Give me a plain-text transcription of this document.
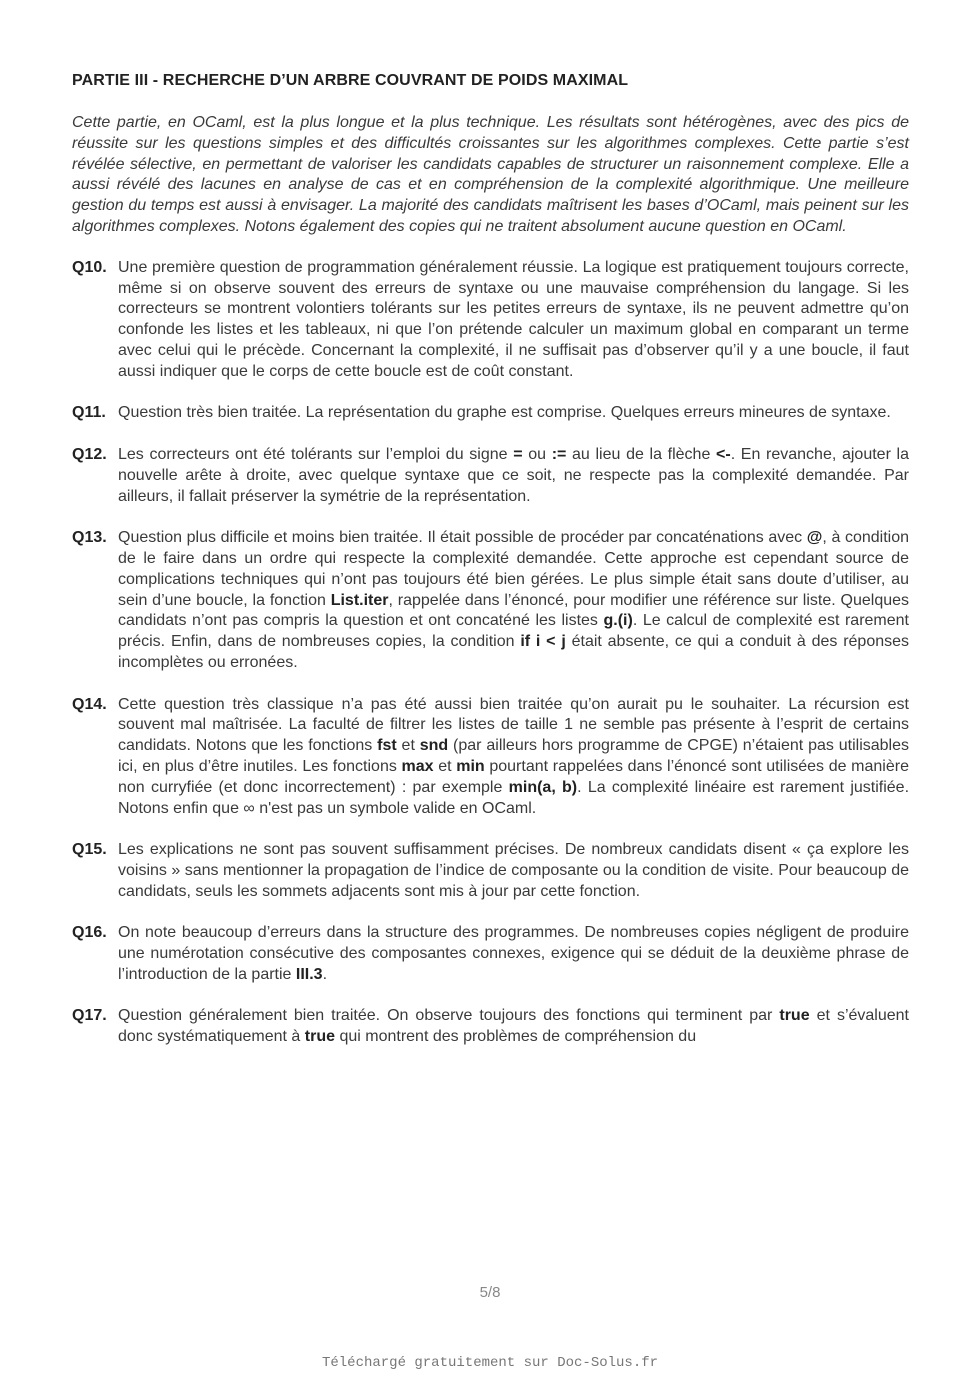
PARTIE III - RECHERCHE D’UN ARBRE COUVRANT DE POIDS MAXIMAL

Cette partie, en OCaml, est la plus longue et la plus technique. Les résultats sont hétérogènes, avec des pics de réussite sur les questions simples et des difficultés croissantes sur les algorithmes complexes. Cette partie s’est révélée sélective, en permettant de valoriser les candidats capables de structurer un raisonnement complexe. Elle a aussi révélé des lacunes en analyse de cas et en compréhension de la complexité algorithmique. Une meilleure gestion du temps est aussi à envisager. La majorité des candidats maîtrisent les bases d’OCaml, mais peinent sur les algorithmes complexes. Notons également des copies qui ne traitent absolument aucune question en OCaml.

Q10. Une première question de programmation généralement réussie. La logique est pratiquement toujours correcte, même si on observe souvent des erreurs de syntaxe ou une mauvaise compréhension du langage. Si les correcteurs se montrent volontiers tolérants sur les petites erreurs de syntaxe, ils ne peuvent admettre qu’on confonde les listes et les tableaux, ni que l’on prétende calculer un maximum global en comparant un terme avec celui qui le précède. Concernant la complexité, il ne suffisait pas d’observer qu’il y a une boucle, il faut aussi indiquer que le corps de cette boucle est de coût constant.
Q11. Question très bien traitée. La représentation du graphe est comprise. Quelques erreurs mineures de syntaxe.
Q12. Les correcteurs ont été tolérants sur l’emploi du signe = ou := au lieu de la flèche <-. En revanche, ajouter la nouvelle arête à droite, avec quelque syntaxe que ce soit, ne respecte pas la complexité demandée. Par ailleurs, il fallait préserver la symétrie de la représentation.
Q13. Question plus difficile et moins bien traitée. Il était possible de procéder par concaténations avec @, à condition de le faire dans un ordre qui respecte la complexité demandée. Cette approche est cependant source de complications techniques qui n’ont pas toujours été bien gérées. Le plus simple était sans doute d’utiliser, au sein d’une boucle, la fonction List.iter, rappelée dans l’énoncé, pour modifier une référence sur liste. Quelques candidats n’ont pas compris la question et ont concaténé les listes g.(i). Le calcul de complexité est rarement précis. Enfin, dans de nombreuses copies, la condition if i < j était absente, ce qui a conduit à des réponses incomplètes ou erronées.
Q14. Cette question très classique n’a pas été aussi bien traitée qu’on aurait pu le souhaiter. La récursion est souvent mal maîtrisée. La faculté de filtrer les listes de taille 1 ne semble pas présente à l’esprit de certains candidats. Notons que les fonctions fst et snd (par ailleurs hors programme de CPGE) n’étaient pas utilisables ici, en plus d’être inutiles. Les fonctions max et min pourtant rappelées dans l’énoncé sont utilisées de manière non curryfiée (et donc incorrectement) : par exemple min(a, b). La complexité linéaire est rarement justifiée. Notons enfin que ∞ n'est pas un symbole valide en OCaml.
Q15. Les explications ne sont pas souvent suffisamment précises. De nombreux candidats disent « ça explore les voisins » sans mentionner la propagation de l’indice de composante ou la condition de visite. Pour beaucoup de candidats, seuls les sommets adjacents sont mis à jour par cette fonction.
Q16. On note beaucoup d’erreurs dans la structure des programmes. De nombreuses copies négligent de produire une numérotation consécutive des composantes connexes, exigence qui se déduit de la deuxième phrase de l’introduction de la partie III.3.
Q17. Question généralement bien traitée. On observe toujours des fonctions qui terminent par true et s’évaluent donc systématiquement à true qui montrent des problèmes de compréhension du
5/8
Téléchargé gratuitement sur Doc-Solus.fr
